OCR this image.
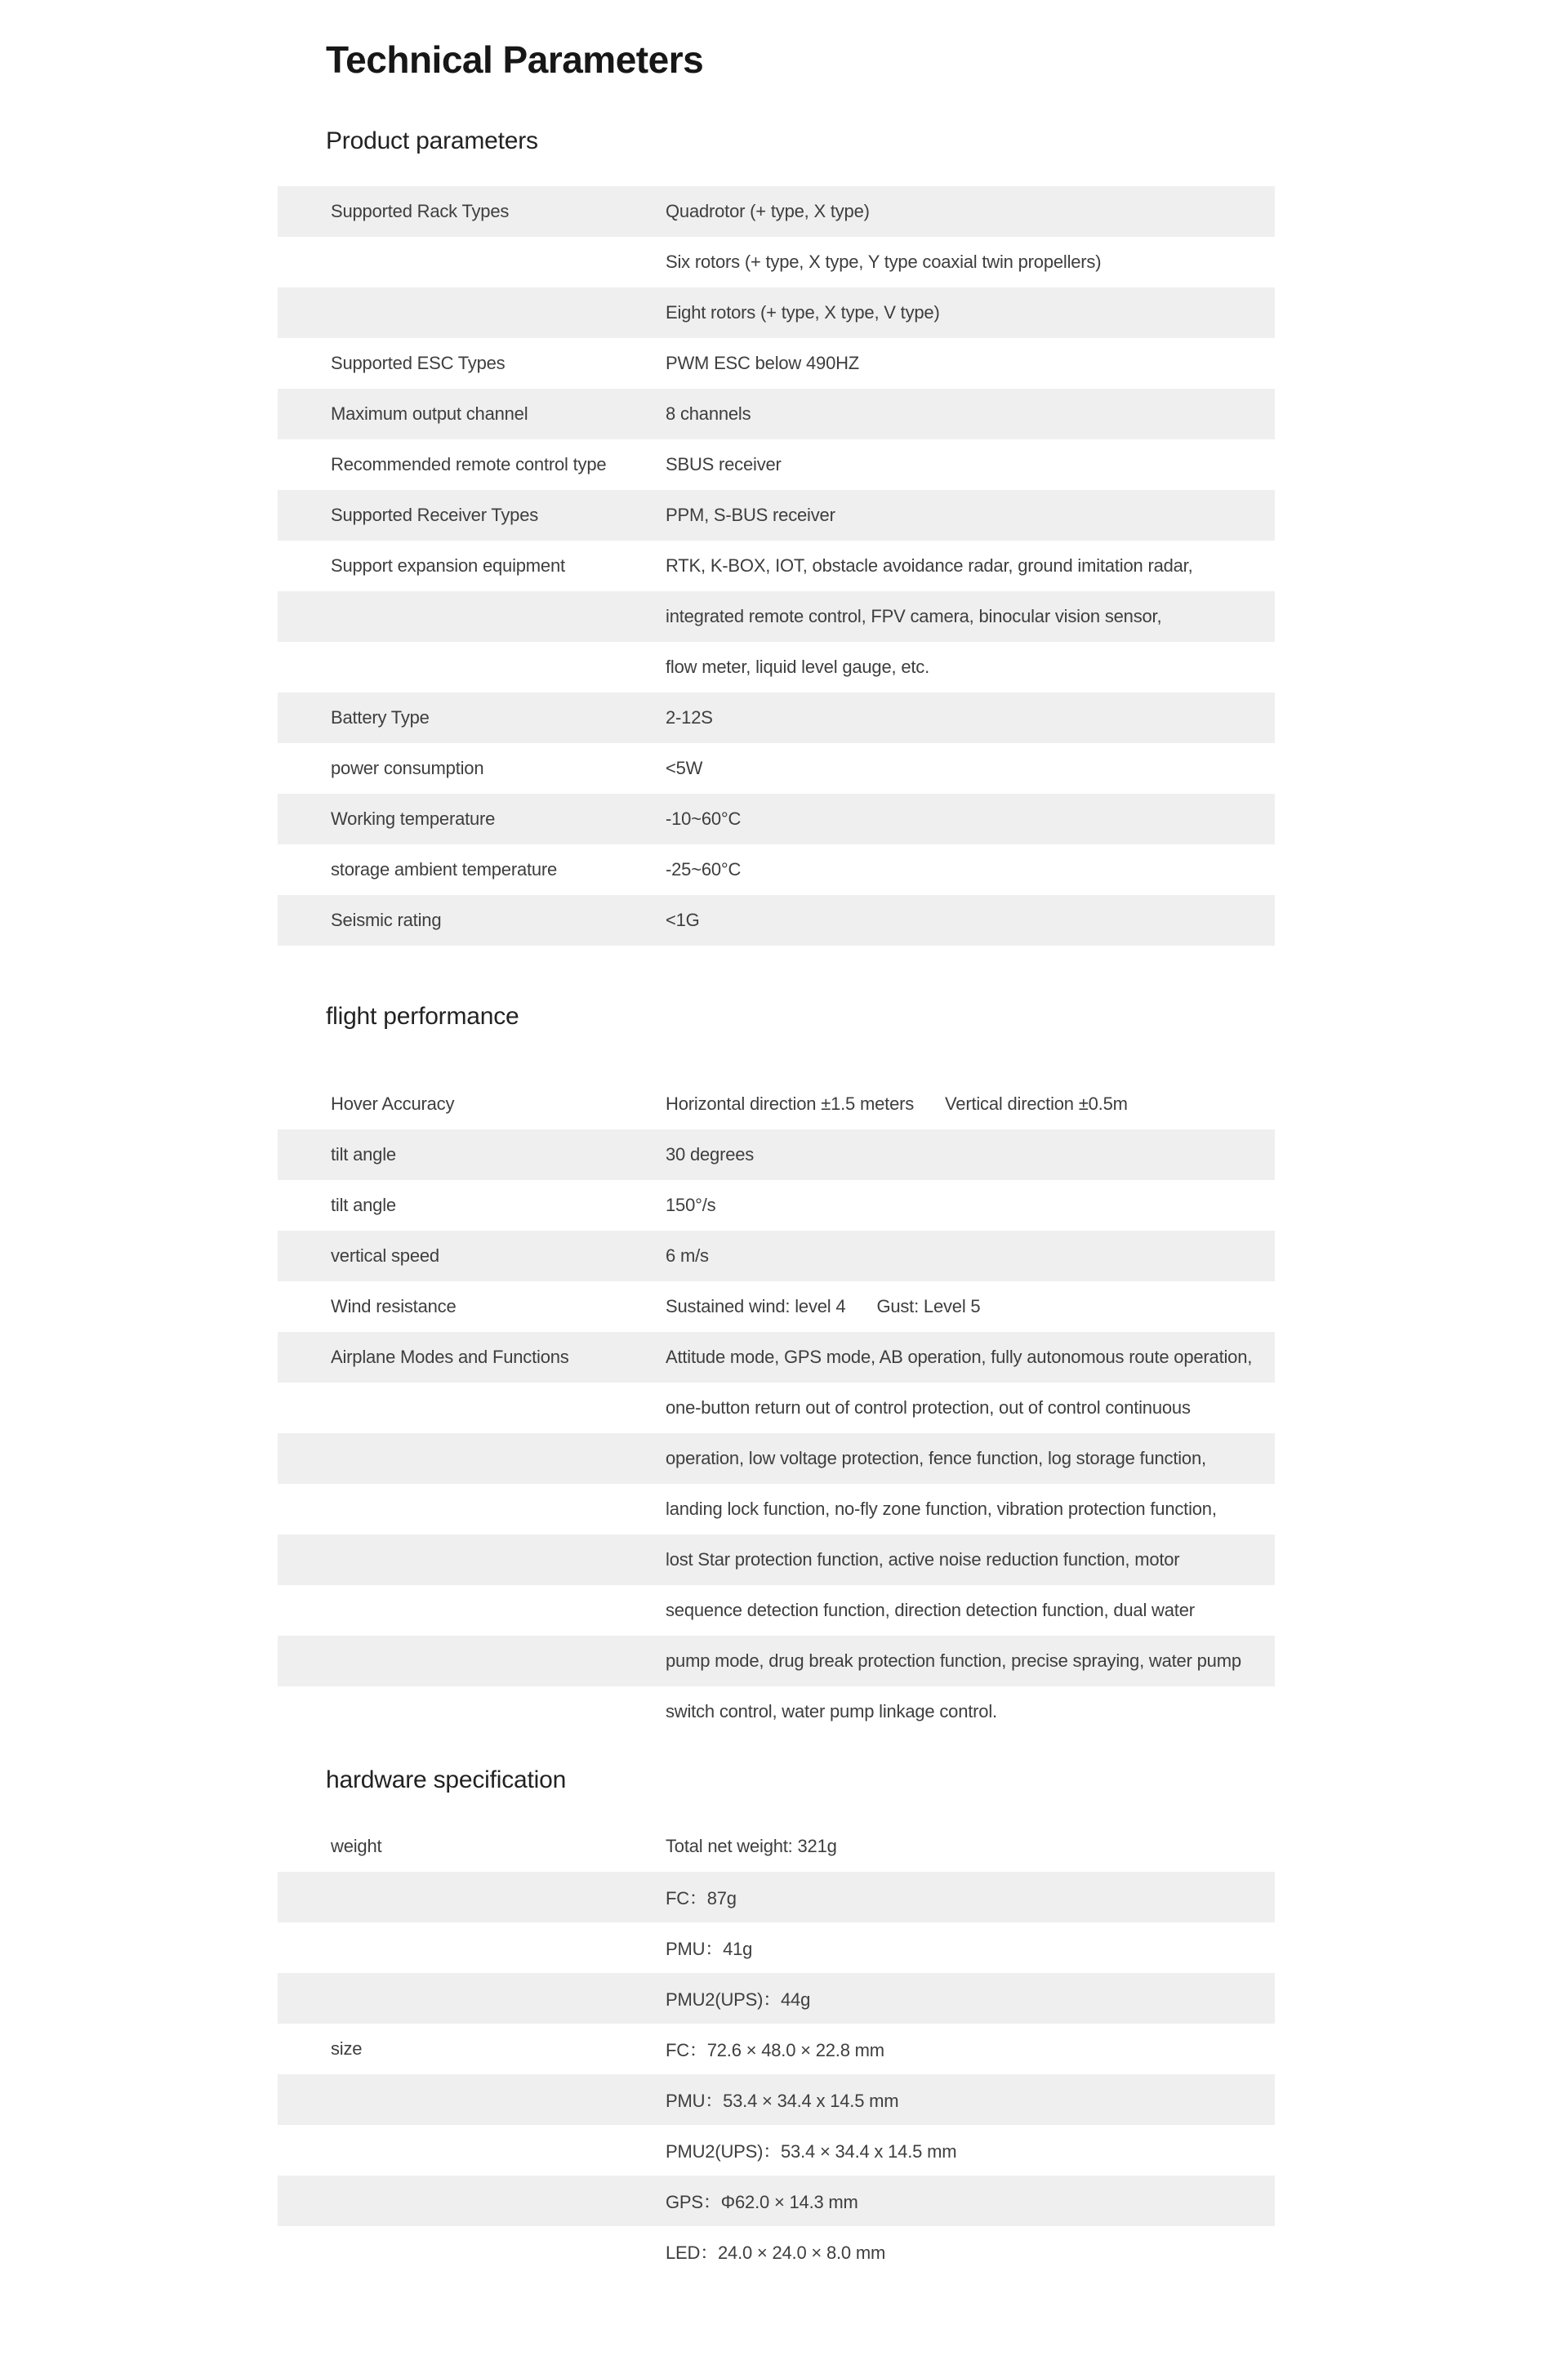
Technical Parameters
Product parameters
Supported Rack Types	Quadrotor (+ type, X type)
Six rotors (+ type, X type, Y type coaxial twin propellers)
Eight rotors (+ type, X type, V type)
Supported ESC Types	PWM ESC below 490HZ
Maximum output channel	8 channels
Recommended remote control type	SBUS receiver
Supported Receiver Types	PPM, S-BUS receiver
Support expansion equipment	RTK, K-BOX, IOT, obstacle avoidance radar, ground imitation radar,
integrated remote control, FPV camera, binocular vision sensor,
flow meter, liquid level gauge, etc.
Battery Type	2-12S
power consumption	<5W
Working temperature	-10~60°C
storage ambient temperature	-25~60°C
Seismic rating	<1G
flight performance
Hover Accuracy	Horizontal direction ±1.5 meters Vertical direction ±0.5m
tilt angle	30 degrees
tilt angle	150°/s
vertical speed	6 m/s
Wind resistance	Sustained wind: level 4 Gust: Level 5
Airplane Modes and Functions	Attitude mode, GPS mode, AB operation, fully autonomous route operation,
one-button return out of control protection, out of control continuous
operation, low voltage protection, fence function, log storage function,
landing lock function, no-fly zone function, vibration protection function,
lost Star protection function, active noise reduction function, motor
sequence detection function, direction detection function, dual water
pump mode, drug break protection function, precise spraying, water pump
switch control, water pump linkage control.
hardware specification
weight	Total net weight: 321g
FC：87g
PMU：41g
PMU2(UPS)：44g
size	FC：72.6 × 48.0 × 22.8 mm
PMU：53.4 × 34.4 x 14.5 mm
PMU2(UPS)：53.4 × 34.4 x 14.5 mm
GPS：Φ62.0 × 14.3 mm
LED：24.0 × 24.0 × 8.0 mm
